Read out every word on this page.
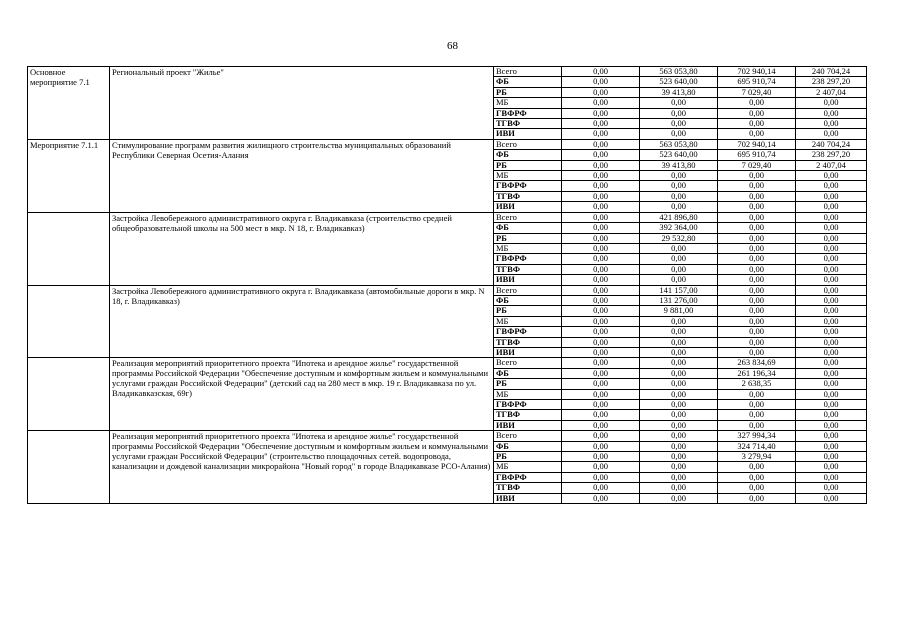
68
Основное мероприятие 7.1	Региональный проект "Жилье"	Всего	0,00	563 053,80	702 940,14	240 704,24
		ФБ	0,00	523 640,00	695 910,74	238 297,20
		РБ	0,00	39 413,80	7 029,40	2 407,04
		МБ	0,00	0,00	0,00	0,00
		ГВФРФ	0,00	0,00	0,00	0,00
		ТГВФ	0,00	0,00	0,00	0,00
		ИВИ	0,00	0,00	0,00	0,00
Мероприятие 7.1.1	Стимулирование программ развития жилищного строительства муниципальных образований Республики Северная Осетия-Алания	Всего	0,00	563 053,80	702 940,14	240 704,24
		ФБ	0,00	523 640,00	695 910,74	238 297,20
		РБ	0,00	39 413,80	7 029,40	2 407,04
		МБ	0,00	0,00	0,00	0,00
		ГВФРФ	0,00	0,00	0,00	0,00
		ТГВФ	0,00	0,00	0,00	0,00
		ИВИ	0,00	0,00	0,00	0,00
	Застройка Левобережного административного округа г. Владикавказа (строительство средней общеобразовательной школы на 500 мест в мкр. N 18, г. Владикавказ)	Всего	0,00	421 896,80	0,00	0,00
		ФБ	0,00	392 364,00	0,00	0,00
		РБ	0,00	29 532,80	0,00	0,00
		МБ	0,00	0,00	0,00	0,00
		ГВФРФ	0,00	0,00	0,00	0,00
		ТГВФ	0,00	0,00	0,00	0,00
		ИВИ	0,00	0,00	0,00	0,00
	Застройка Левобережного административного округа г. Владикавказа (автомобильные дороги в мкр. N 18, г. Владикавказ)	Всего	0,00	141 157,00	0,00	0,00
		ФБ	0,00	131 276,00	0,00	0,00
		РБ	0,00	9 881,00	0,00	0,00
		МБ	0,00	0,00	0,00	0,00
		ГВФРФ	0,00	0,00	0,00	0,00
		ТГВФ	0,00	0,00	0,00	0,00
		ИВИ	0,00	0,00	0,00	0,00
	Реализация мероприятий приоритетного проекта "Ипотека и арендное жилье" государственной программы Российской Федерации "Обеспечение доступным и комфортным жильем и коммунальными услугами граждан Российской Федерации" (детский сад на 280 мест в мкр. 19 г. Владикавказа по ул. Владикавказская, 69г)	Всего	0,00	0,00	263 834,69	0,00
		ФБ	0,00	0,00	261 196,34	0,00
		РБ	0,00	0,00	2 638,35	0,00
		МБ	0,00	0,00	0,00	0,00
		ГВФРФ	0,00	0,00	0,00	0,00
		ТГВФ	0,00	0,00	0,00	0,00
		ИВИ	0,00	0,00	0,00	0,00
	Реализация мероприятий приоритетного проекта "Ипотека и арендное жилье" государственной программы Российской Федерации "Обеспечение доступным и комфортным жильем и коммунальными услугами граждан Российской Федерации" (строительство площадочных сетей. водопровода, канализации и дождевой канализации микрорайона "Новый город" в городе Владикавказе РСО-Алания)	Всего	0,00	0,00	327 994,34	0,00
		ФБ	0,00	0,00	324 714,40	0,00
		РБ	0,00	0,00	3 279,94	0,00
		МБ	0,00	0,00	0,00	0,00
		ГВФРФ	0,00	0,00	0,00	0,00
		ТГВФ	0,00	0,00	0,00	0,00
		ИВИ	0,00	0,00	0,00	0,00
